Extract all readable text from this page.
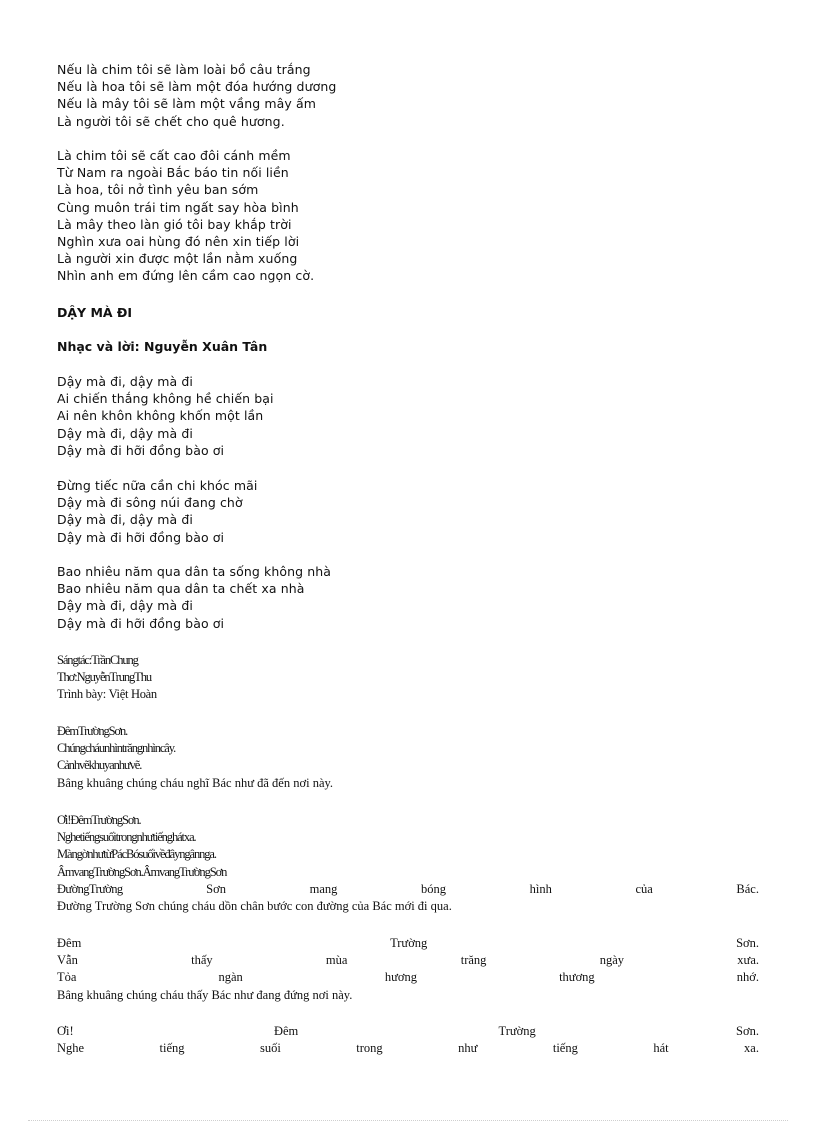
Nếu là chim tôi sẽ làm loài bồ câu trắng
Nếu là hoa tôi sẽ làm một đóa hướng dương
Nếu là mây tôi sẽ làm một vầng mây ấm
Là người tôi sẽ chết cho quê hương.
Là chim tôi sẽ cất cao đôi cánh mềm
Từ Nam ra ngoài Bắc báo tin nối liền
Là hoa, tôi nở tình yêu ban sớm
Cùng muôn trái tim ngất say hòa bình
Là mây theo làn gió tôi bay khắp trời
Nghìn xưa oai hùng đó nên xin tiếp lời
Là người xin được một lần nằm xuống
Nhìn anh em đứng lên cầm cao ngọn cờ.
DẬY MÀ ĐI
Nhạc và lời: Nguyễn Xuân Tân
Dậy mà đi, dậy mà đi
Ai chiến thắng không hề chiến bại
Ai nên khôn không khốn một lần
Dậy mà đi, dậy mà đi
Dậy mà đi hỡi đồng bào ơi
Đừng tiếc nữa cần chi khóc mãi
Dậy mà đi sông núi đang chờ
Dậy mà đi, dậy mà đi
Dậy mà đi hỡi đồng bào ơi
Bao nhiêu năm qua dân ta sống không nhà
Bao nhiêu năm qua dân ta chết xa nhà
Dậy mà đi, dậy mà đi
Dậy mà đi hỡi đồng bào ơi
Sángtác:TrầnChung
Thơ:NguyễnTrungThu
Trình bày: Việt Hoàn
ĐêmTrườngSơn.
Chúngcháunhìntrăngnhìncây.
Cảnhvẽkhuyanhưvẽ.
Bâng khuâng chúng cháu nghĩ Bác như đã đến nơi này.
Ơi!ĐêmTrườngSơn.
Nghetiếngsuốitrongnhưtiếnghátxa.
MàngờnhưtừPácBósuốivềđâyngânnga.
ÂmvangTrườngSơn.ÂmvangTrườngSơn
ĐườngTrường	Sơn	mang	bóng	hình	của	Bác.
Đường Trường Sơn chúng cháu dồn chân bước con đường của Bác mới đi qua.
Đêm	Trường	Sơn.
Vẫn	thấy	mùa	trăng	ngày	xưa.
Tỏa	ngàn	hương	thương	nhớ.
Bâng khuâng chúng cháu thấy Bác như đang đứng nơi này.
Ơi!	Đêm	Trường	Sơn.
Nghe	tiếng	suối	trong	như	tiếng	hát	xa.
